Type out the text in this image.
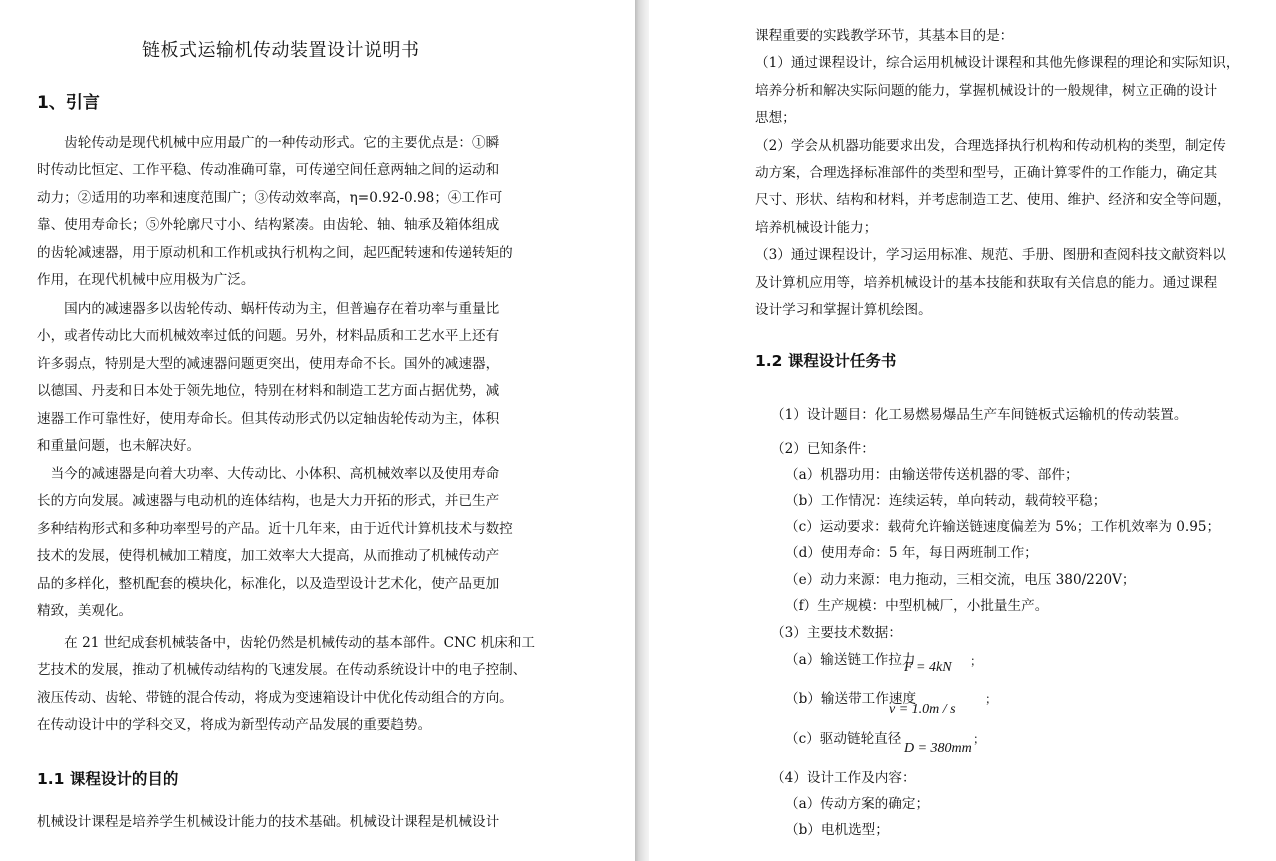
链板式运输机传动装置设计说明书
1、引言
　　齿轮传动是现代机械中应用最广的一种传动形式。它的主要优点是：①瞬
时传动比恒定、工作平稳、传动准确可靠，可传递空间任意两轴之间的运动和
动力；②适用的功率和速度范围广；③传动效率高，η=0.92-0.98；④工作可
靠、使用寿命长；⑤外轮廓尺寸小、结构紧凑。由齿轮、轴、轴承及箱体组成
的齿轮减速器，用于原动机和工作机或执行机构之间，起匹配转速和传递转矩的
作用，在现代机械中应用极为广泛。
　　国内的减速器多以齿轮传动、蜗杆传动为主，但普遍存在着功率与重量比
小，或者传动比大而机械效率过低的问题。另外，材料品质和工艺水平上还有
许多弱点，特别是大型的减速器问题更突出，使用寿命不长。国外的减速器，
以德国、丹麦和日本处于领先地位，特别在材料和制造工艺方面占据优势，减
速器工作可靠性好，使用寿命长。但其传动形式仍以定轴齿轮传动为主，体积
和重量问题，也未解决好。
　当今的减速器是向着大功率、大传动比、小体积、高机械效率以及使用寿命
长的方向发展。减速器与电动机的连体结构，也是大力开拓的形式，并已生产
多种结构形式和多种功率型号的产品。近十几年来，由于近代计算机技术与数控
技术的发展，使得机械加工精度，加工效率大大提高，从而推动了机械传动产
品的多样化，整机配套的模块化，标准化，以及造型设计艺术化，使产品更加
精致，美观化。
　　在 21 世纪成套机械装备中，齿轮仍然是机械传动的基本部件。CNC 机床和工
艺技术的发展，推动了机械传动结构的飞速发展。在传动系统设计中的电子控制、
液压传动、齿轮、带链的混合传动，将成为变速箱设计中优化传动组合的方向。
在传动设计中的学科交叉，将成为新型传动产品发展的重要趋势。
1.1 课程设计的目的
机械设计课程是培养学生机械设计能力的技术基础。机械设计课程是机械设计
课程重要的实践教学环节，其基本目的是：
（1）通过课程设计，综合运用机械设计课程和其他先修课程的理论和实际知识，
培养分析和解决实际问题的能力，掌握机械设计的一般规律，树立正确的设计
思想；
（2）学会从机器功能要求出发，合理选择执行机构和传动机构的类型，制定传
动方案，合理选择标准部件的类型和型号，正确计算零件的工作能力，确定其
尺寸、形状、结构和材料，并考虑制造工艺、使用、维护、经济和安全等问题，
培养机械设计能力；
（3）通过课程设计，学习运用标准、规范、手册、图册和查阅科技文献资料以
及计算机应用等，培养机械设计的基本技能和获取有关信息的能力。通过课程
设计学习和掌握计算机绘图。
1.2 课程设计任务书
（1）设计题目：化工易燃易爆品生产车间链板式运输机的传动装置。
（2）已知条件：
（a）机器功用：由输送带传送机器的零、部件；
（b）工作情况：连续运转，单向转动，载荷较平稳；
（c）运动要求：载荷允许输送链速度偏差为 5%；工作机效率为 0.95；
（d）使用寿命：5 年，每日两班制工作；
（e）动力来源：电力拖动，三相交流，电压 380/220V；
（f）生产规模：中型机械厂，小批量生产。
（3）主要技术数据：
（a）输送链工作拉力
F = 4kN ；
（b）输送带工作速度
v = 1.0m / s
；
（c）驱动链轮直径
D = 380mm
；
（4）设计工作及内容：
（a）传动方案的确定；
（b）电机选型；
